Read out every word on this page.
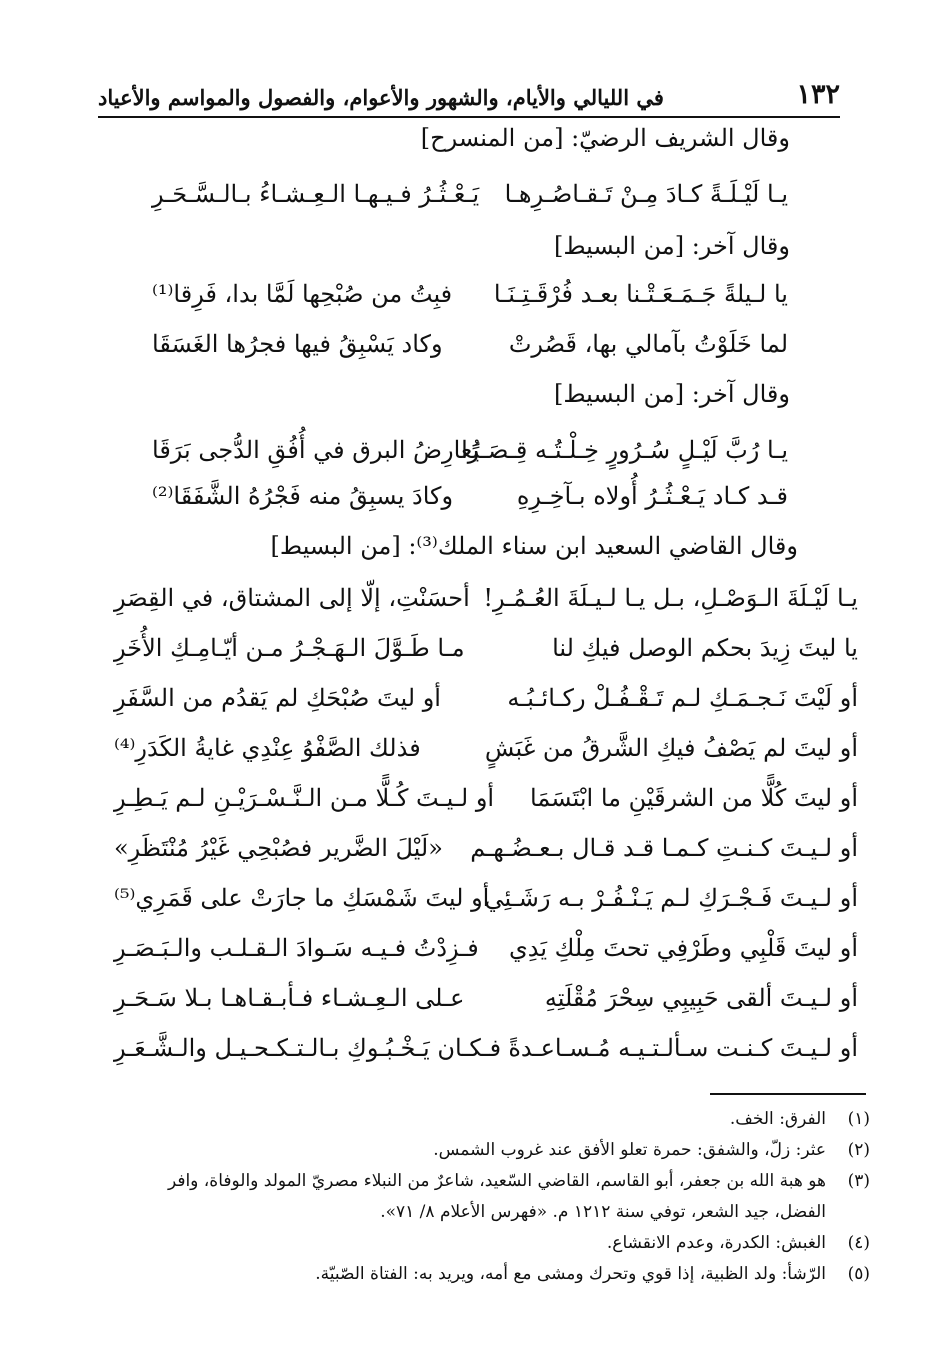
١٣٢
في الليالي والأيام، والشهور والأعوام، والفصول والمواسم والأعياد
وقال الشريف الرضيّ: [من المنسرح]
يـا لَيْـلَـةً كـادَ مِـنْ تَـقـاصُـرِهـا
يَـعْـثُـرُ فـيـهـا الـعِـشـاءُ بـالـسَّـحَـرِ
وقال آخر: [من البسيط]
يا لـيلةً جَـمَـعَـتْـنا بعـد فُرْقَـتِـنَـا
فبِتُ من صُبْحِها لَمَّا بدا، فَرِقا⁽¹⁾
لما خَلَوْتُ بآمالي بها، قَصُرتْ
وكاد يَسْبِقُ فيها فجرُها الغَسَقَا
وقال آخر: [من البسيط]
يـا رُبَّ لَيْـلٍ سُـرُورٍ خِـلْـتُـه قِـصَـرًا
يُعارِضُ البرق في أُفُقِ الدُّجى بَرَقَا
قـد كـاد يَـعْـثُـرُ أُولاه بـآخِـرِهِ
وكادَ يسبِقُ منه فَجْرُهُ الشَّفَقَا⁽²⁾
وقال القاضي السعيد ابن سناء الملك⁽³⁾: [من البسيط]
يـا لَيْـلَةَ الـوَصْـلِ، بـل يـا لـيـلَةَ العُـمُـرِ!
أحسَنْتِ، إلّا إلى المشتاق، في القِصَرِ
يا ليتَ زِيدَ بحكم الوصل فيكِ لنا
مـا طَـوَّلَ الـهَـجْـرُ مـن أيّـامِـكِ الأُخَرِ
أو لَيْتَ نَـجـمَـكِ لـم تَـقْـفُـلْ ركـائـبُـه
أو ليتَ صُبْحَكِ لم يَقدُم من السَّفَرِ
أو ليتَ لم يَصْفُ فيكِ الشَّرقُ من غَبَشٍ
فذلك الصَّفْوُ عِنْدِي غايةُ الكَدَرِ⁽⁴⁾
أو ليتَ كُلًّا من الشرقَيْنِ ما ابْتَسَمَا
أو لـيـتَ كُـلًّا مـن الـنَّـسْـرَيْـنِ لـم يَـطِـرِ
أو لـيـتَ كـنـتِ كـمـا قـد قـال بـعـضُـهـم
«لَيْلَ الضَّرير فصُبْحِي غَيْرُ مُنْتَظَرِ»
أو لـيـتَ فَـجْـرَكِ لـم يَـنْـفُـرْ بـه رَشَـئِي
أو ليتَ شَمْسَكِ ما جارَتْ على قَمَرِي⁽⁵⁾
أو ليتَ قَلْبِي وطَرْفِي تحتَ مِلْكِ يَدِي
فـزِدْتُ فـيـه سَـوادَ الـقـلـب والـبَـصَـرِ
أو لـيـتَ ألقى حَبِيبِي سِحْرَ مُقْلَتِهِ
عـلى الـعِـشـاء فـأبـقـاهـا بـلا سَـحَـرِ
أو لـيـتَ كـنـت سـألـتـيـه مُـسـاعـدةً
فـكـان يَـخْـبُـوكِ بـالـتـكـحـيـل والـشَّـعَـرِ
(١)
الفرق: الخف.
(٢)
عثر: زلّ، والشفق: حمرة تعلو الأفق عند غروب الشمس.
(٣)
هو هبة الله بن جعفر، أبو القاسم، القاضي السّعيد، شاعرٌ من النبلاء مصريّ المولد والوفاة، وافر الفضل، جيد الشعر، توفي سنة ١٢١٢ م. «فهرس الأعلام ٨/ ٧١».
(٤)
الغبش: الكدرة، وعدم الانقشاع.
(٥)
الرّشأ: ولد الظبية، إذا قوي وتحرك ومشى مع أمه، ويريد به: الفتاة الصّبيّة.
